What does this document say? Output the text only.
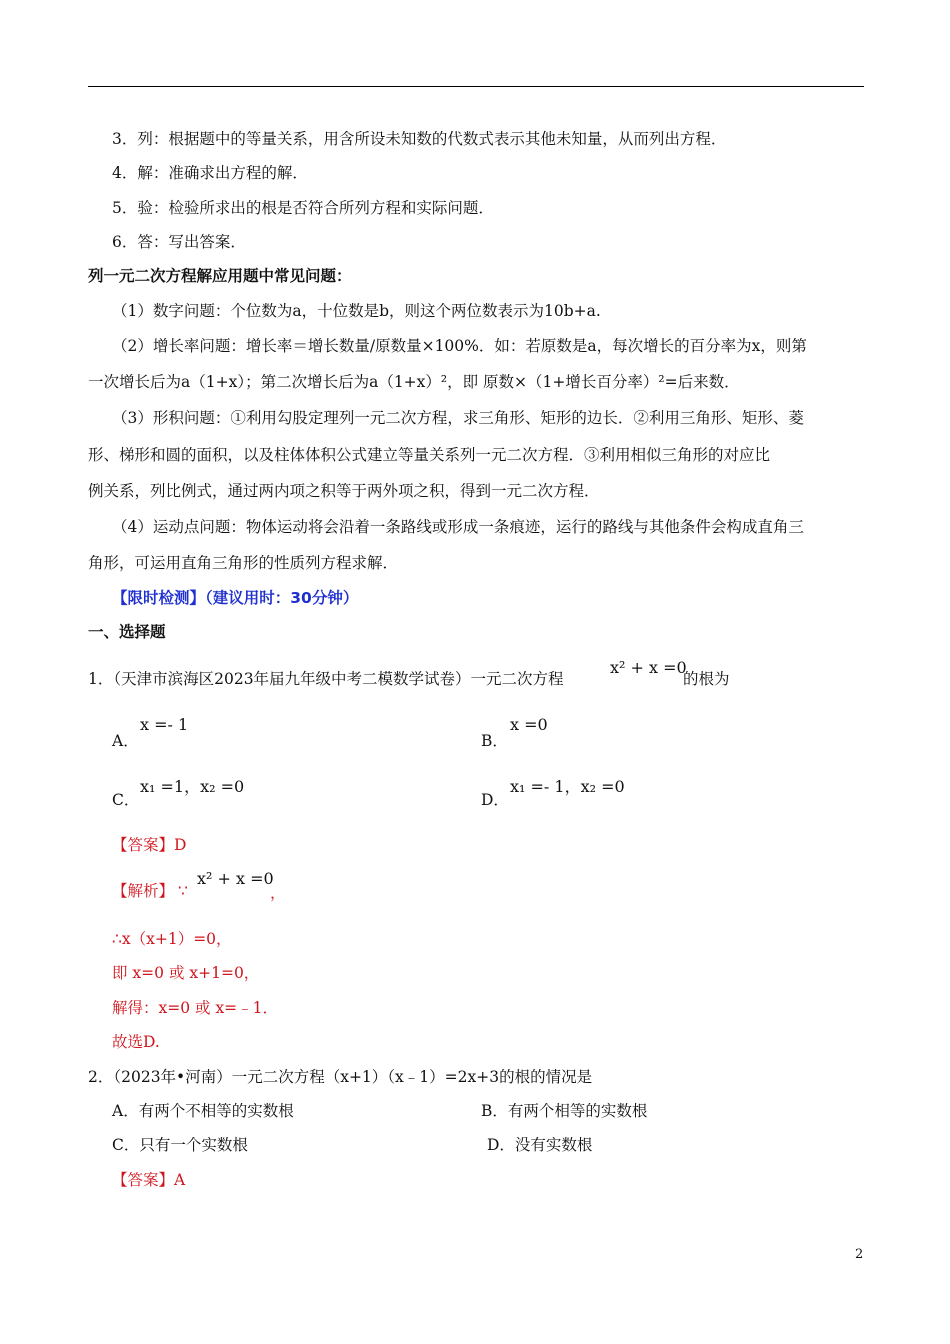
3．列：根据题中的等量关系，用含所设未知数的代数式表示其他未知量，从而列出方程．
4．解：准确求出方程的解．
5．验：检验所求出的根是否符合所列方程和实际问题．
6．答：写出答案．
列一元二次方程解应用题中常见问题：
（1）数字问题：个位数为a，十位数是b，则这个两位数表示为10b+a.
（2）增长率问题：增长率＝增长数量/原数量×100%．如：若原数是a，每次增长的百分率为x，则第
一次增长后为a（1+x）；第二次增长后为a（1+x）²，即 原数×（1+增长百分率）²=后来数．
（3）形积问题：①利用勾股定理列一元二次方程，求三角形、矩形的边长．②利用三角形、矩形、菱
形、梯形和圆的面积，以及柱体体积公式建立等量关系列一元二次方程．③利用相似三角形的对应比
例关系，列比例式，通过两内项之积等于两外项之积，得到一元二次方程．
（4）运动点问题：物体运动将会沿着一条路线或形成一条痕迹，运行的路线与其他条件会构成直角三
角形，可运用直角三角形的性质列方程求解．
【限时检测】（建议用时：30分钟）
一、选择题
1．（天津市滨海区2023年届九年级中考二模数学试卷）一元二次方程
x² + x =0
的根为
A．
x =- 1
B．
x =0
C．
x₁ =1，x₂ =0
D．
x₁ =- 1，x₂ =0
【答案】D
【解析】 ∵
x² + x =0
，
∴x（x+1）=0，
即 x=0 或 x+1=0，
解得：x=0 或 x=﹣1．
故选D.
2．（2023年•河南）一元二次方程（x+1）（x﹣1）=2x+3的根的情况是
A．有两个不相等的实数根	B．有两个相等的实数根
C．只有一个实数根	D．没有实数根
【答案】A
2
